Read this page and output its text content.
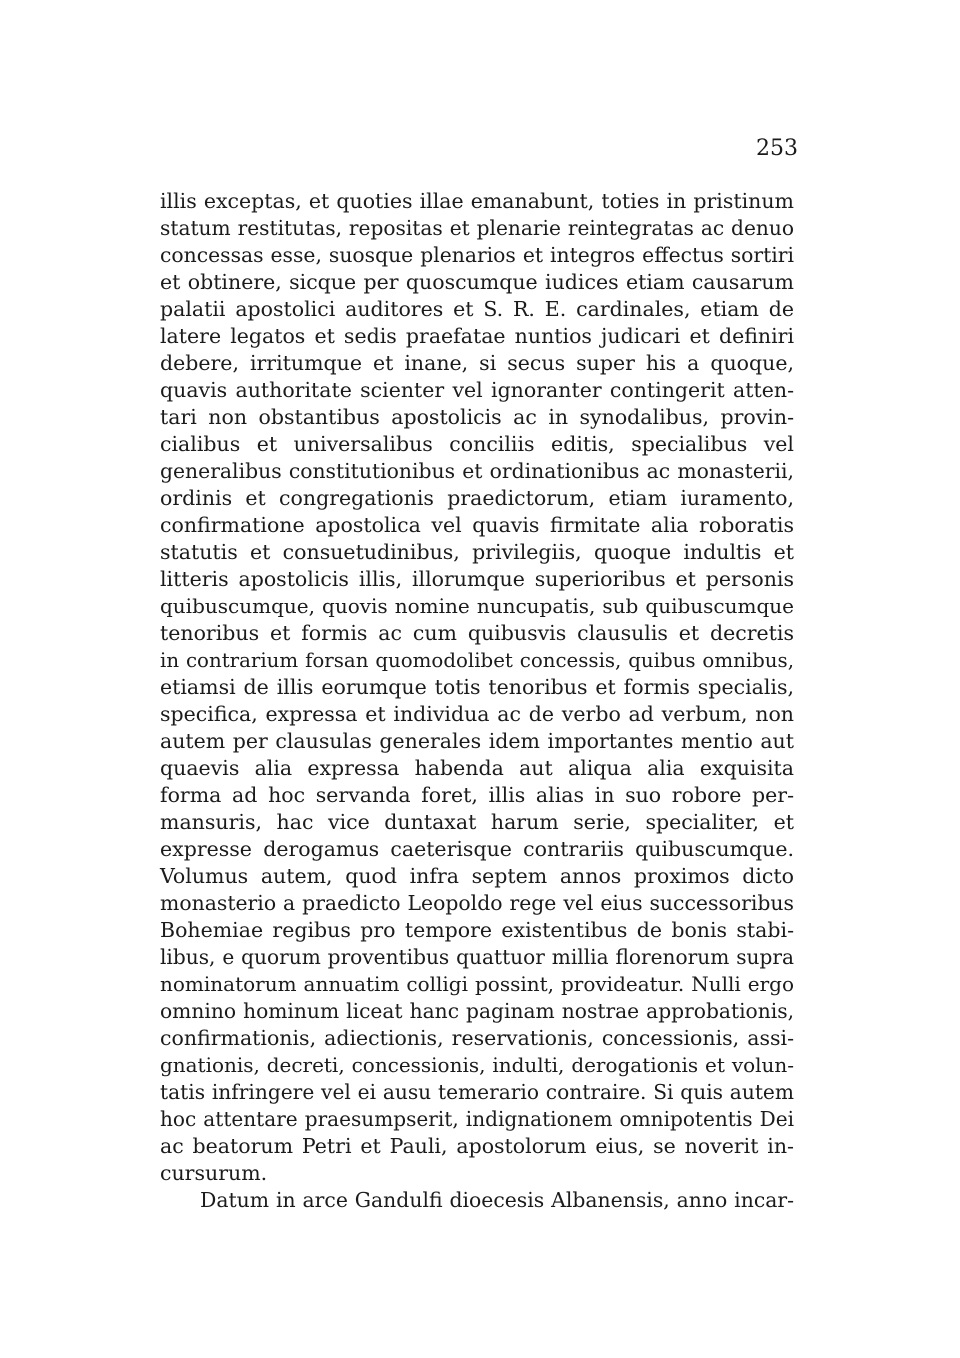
253

illis exceptas, et quoties illae emanabunt, toties in pristinum
statum restitutas, repositas et plenarie reintegratas ac denuo
concessas esse, suosque plenarios et integros effectus sortiri
et obtinere, sicque per quoscumque iudices etiam causarum
palatii apostolici auditores et S. R. E. cardinales, etiam de
latere legatos et sedis praefatae nuntios judicari et definiri
debere, irritumque et inane, si secus super his a quoque,
quavis authoritate scienter vel ignoranter contingerit atten-
tari non obstantibus apostolicis ac in synodalibus, provin-
cialibus et universalibus conciliis editis, specialibus vel
generalibus constitutionibus et ordinationibus ac monasterii,
ordinis et congregationis praedictorum, etiam iuramento,
confirmatione apostolica vel quavis firmitate alia roboratis
statutis et consuetudinibus, privilegiis, quoque indultis et
litteris apostolicis illis, illorumque superioribus et personis
quibuscumque, quovis nomine nuncupatis, sub quibuscumque
tenoribus et formis ac cum quibusvis clausulis et decretis
in contrarium forsan quomodolibet concessis, quibus omnibus,
etiamsi de illis eorumque totis tenoribus et formis specialis,
specifica, expressa et individua ac de verbo ad verbum, non
autem per clausulas generales idem importantes mentio aut
quaevis alia expressa habenda aut aliqua alia exquisita
forma ad hoc servanda foret, illis alias in suo robore per-
mansuris, hac vice duntaxat harum serie, specialiter, et
expresse derogamus caeterisque contrariis quibuscumque.
Volumus autem, quod infra septem annos proximos dicto
monasterio a praedicto Leopoldo rege vel eius successoribus
Bohemiae regibus pro tempore existentibus de bonis stabi-
libus, e quorum proventibus quattuor millia florenorum supra
nominatorum annuatim colligi possint, provideatur. Nulli ergo
omnino hominum liceat hanc paginam nostrae approbationis,
confirmationis, adiectionis, reservationis, concessionis, assi-
gnationis, decreti, concessionis, indulti, derogationis et volun-
tatis infringere vel ei ausu temerario contraire. Si quis autem
hoc attentare praesumpserit, indignationem omnipotentis Dei
ac beatorum Petri et Pauli, apostolorum eius, se noverit in-
cursurum.
Datum in arce Gandulfi dioecesis Albanensis, anno incar-
